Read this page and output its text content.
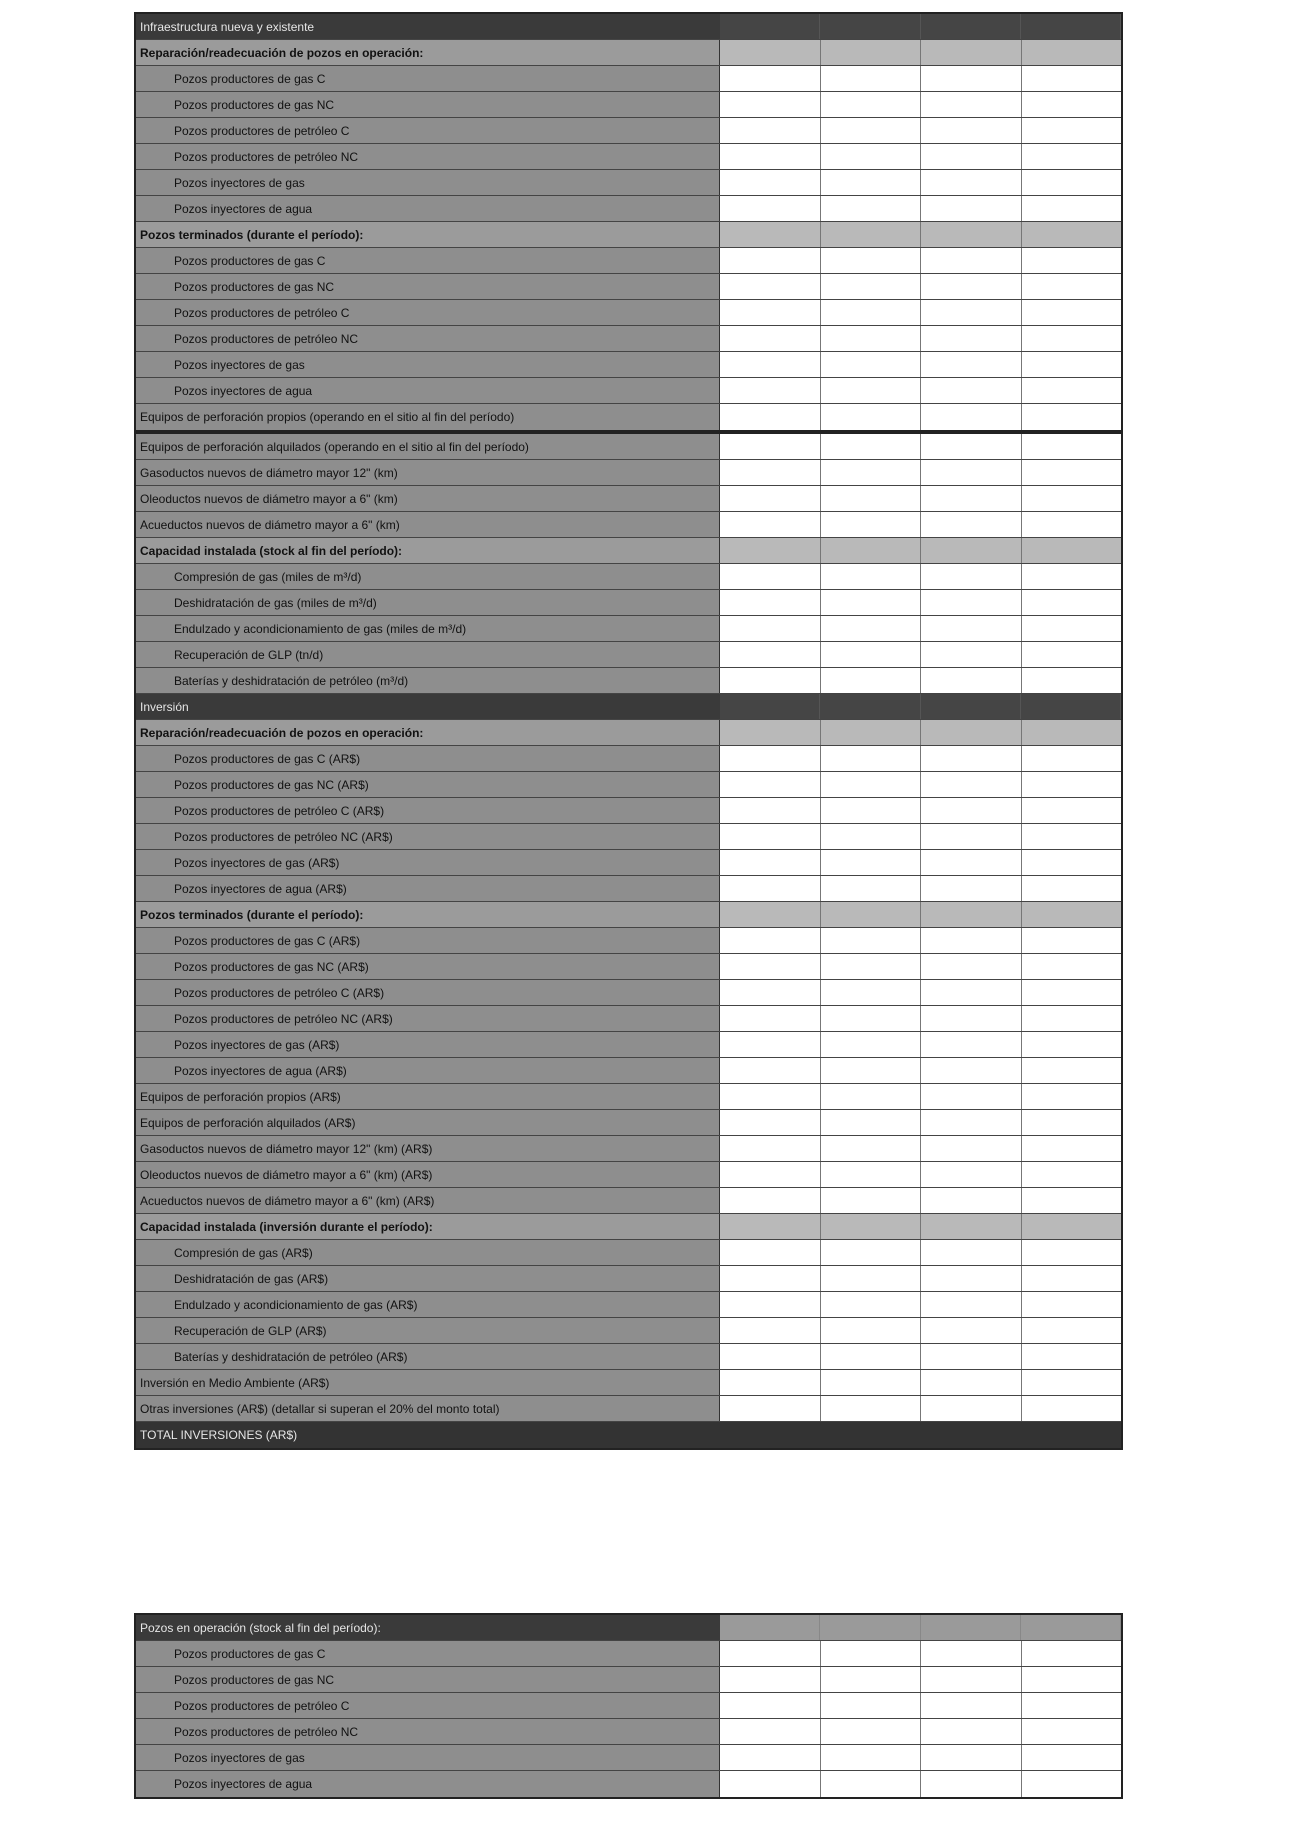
Infraestructura nueva y existente
Reparación/readecuación de pozos en operación:
Pozos productores de gas C
Pozos productores de gas NC
Pozos productores de petróleo C
Pozos productores de petróleo NC
Pozos inyectores de gas
Pozos inyectores de agua
Pozos terminados (durante el período):
Pozos productores de gas C
Pozos productores de gas NC
Pozos productores de petróleo C
Pozos productores de petróleo NC
Pozos inyectores de gas
Pozos inyectores de agua
Equipos de perforación propios (operando en el sitio al fin del período)
Equipos de perforación alquilados (operando en el sitio al fin del período)
Gasoductos nuevos de diámetro mayor 12" (km)
Oleoductos nuevos de diámetro mayor a 6" (km)
Acueductos nuevos de diámetro mayor a 6" (km)
Capacidad instalada (stock al fin del período):
Compresión de gas (miles de m³/d)
Deshidratación de gas (miles de m³/d)
Endulzado y acondicionamiento de gas (miles de m³/d)
Recuperación de GLP (tn/d)
Baterías y deshidratación de petróleo (m³/d)
Inversión
Reparación/readecuación de pozos en operación:
Pozos productores de gas C (AR$)
Pozos productores de gas NC (AR$)
Pozos productores de petróleo C (AR$)
Pozos productores de petróleo NC (AR$)
Pozos inyectores de gas (AR$)
Pozos inyectores de agua (AR$)
Pozos terminados (durante el período):
Pozos productores de gas C (AR$)
Pozos productores de gas NC (AR$)
Pozos productores de petróleo C (AR$)
Pozos productores de petróleo NC (AR$)
Pozos inyectores de gas (AR$)
Pozos inyectores de agua (AR$)
Equipos de perforación propios (AR$)
Equipos de perforación alquilados (AR$)
Gasoductos nuevos de diámetro mayor 12" (km) (AR$)
Oleoductos nuevos de diámetro mayor a 6" (km) (AR$)
Acueductos nuevos de diámetro mayor a 6" (km) (AR$)
Capacidad instalada (inversión durante el período):
Compresión de gas (AR$)
Deshidratación de gas (AR$)
Endulzado y acondicionamiento de gas (AR$)
Recuperación de GLP (AR$)
Baterías y deshidratación de petróleo (AR$)
Inversión en Medio Ambiente (AR$)
Otras inversiones (AR$) (detallar si superan el 20% del monto total)
TOTAL INVERSIONES (AR$)
Pozos en operación (stock al fin del período):
Pozos productores de gas C
Pozos productores de gas NC
Pozos productores de petróleo C
Pozos productores de petróleo NC
Pozos inyectores de gas
Pozos inyectores de agua
